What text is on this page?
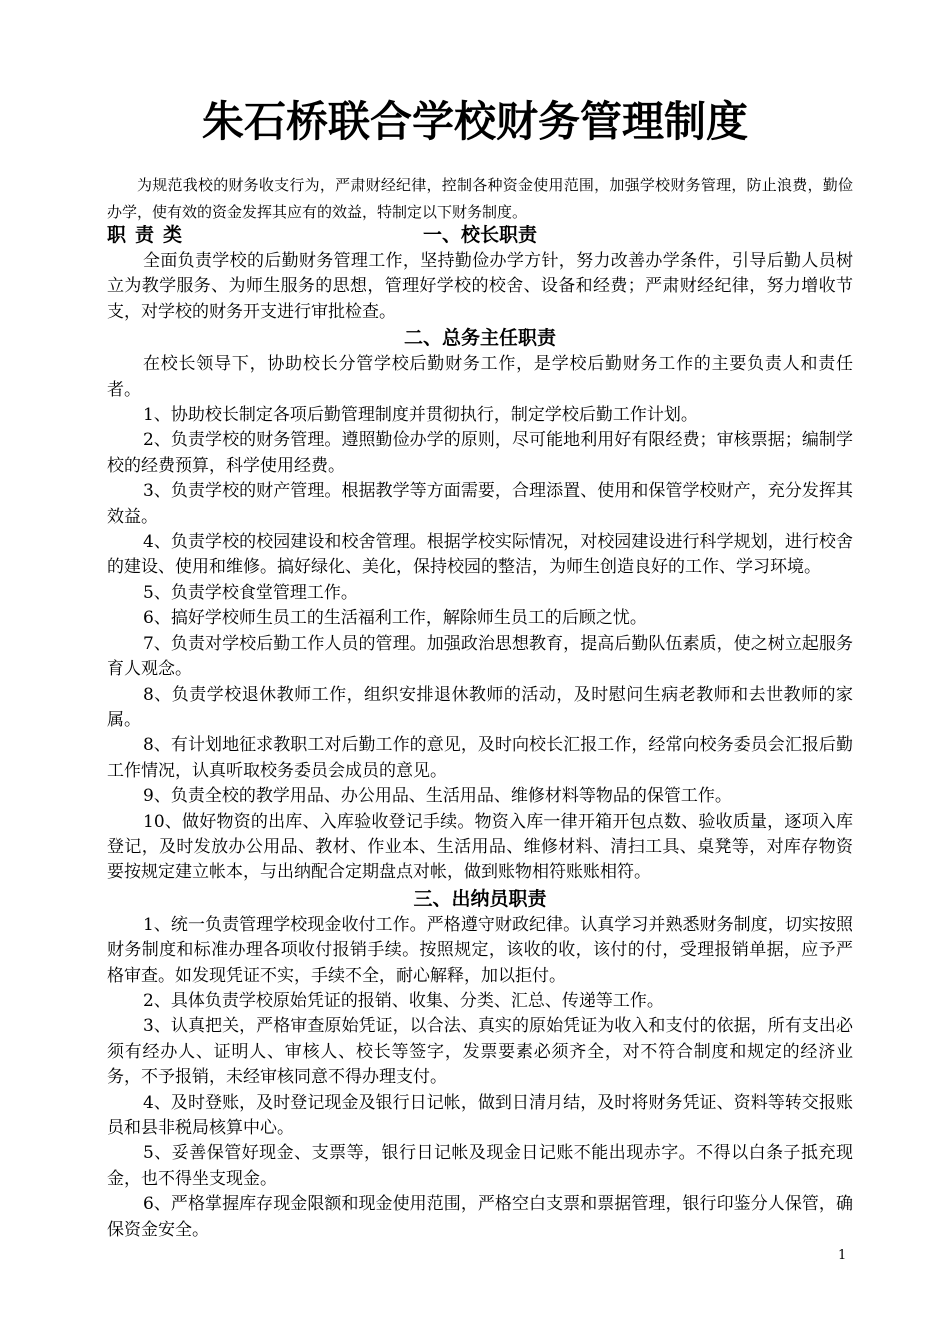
朱石桥联合学校财务管理制度

为规范我校的财务收支行为，严肃财经纪律，控制各种资金使用范围，加强学校财务管理，防止浪费，勤俭办学，使有效的资金发挥其应有的效益，特制定以下财务制度。

一、校长职责
职责类

全面负责学校的后勤财务管理工作，坚持勤俭办学方针，努力改善办学条件，引导后勤人员树立为教学服务、为师生服务的思想，管理好学校的校舍、设备和经费；严肃财经纪律，努力增收节支，对学校的财务开支进行审批检查。

二、总务主任职责

在校长领导下，协助校长分管学校后勤财务工作，是学校后勤财务工作的主要负责人和责任者。

1、协助校长制定各项后勤管理制度并贯彻执行，制定学校后勤工作计划。

2、负责学校的财务管理。遵照勤俭办学的原则，尽可能地利用好有限经费；审核票据；编制学校的经费预算，科学使用经费。

3、负责学校的财产管理。根据教学等方面需要，合理添置、使用和保管学校财产，充分发挥其效益。

4、负责学校的校园建设和校舍管理。根据学校实际情况，对校园建设进行科学规划，进行校舍的建设、使用和维修。搞好绿化、美化，保持校园的整洁，为师生创造良好的工作、学习环境。

5、负责学校食堂管理工作。

6、搞好学校师生员工的生活福利工作，解除师生员工的后顾之忧。

7、负责对学校后勤工作人员的管理。加强政治思想教育，提高后勤队伍素质，使之树立起服务育人观念。

8、负责学校退休教师工作，组织安排退休教师的活动，及时慰问生病老教师和去世教师的家属。

8、有计划地征求教职工对后勤工作的意见，及时向校长汇报工作，经常向校务委员会汇报后勤工作情况，认真听取校务委员会成员的意见。

9、负责全校的教学用品、办公用品、生活用品、维修材料等物品的保管工作。

10、做好物资的出库、入库验收登记手续。物资入库一律开箱开包点数、验收质量，逐项入库登记，及时发放办公用品、教材、作业本、生活用品、维修材料、清扫工具、桌凳等，对库存物资要按规定建立帐本，与出纳配合定期盘点对帐，做到账物相符账账相符。

三、出纳员职责

1、统一负责管理学校现金收付工作。严格遵守财政纪律。认真学习并熟悉财务制度，切实按照财务制度和标准办理各项收付报销手续。按照规定，该收的收，该付的付，受理报销单据，应予严格审查。如发现凭证不实，手续不全，耐心解释，加以拒付。

2、具体负责学校原始凭证的报销、收集、分类、汇总、传递等工作。

3、认真把关，严格审查原始凭证，以合法、真实的原始凭证为收入和支付的依据，所有支出必须有经办人、证明人、审核人、校长等签字，发票要素必须齐全，对不符合制度和规定的经济业务，不予报销，未经审核同意不得办理支付。

4、及时登账，及时登记现金及银行日记帐，做到日清月结，及时将财务凭证、资料等转交报账员和县非税局核算中心。

5、妥善保管好现金、支票等，银行日记帐及现金日记账不能出现赤字。不得以白条子抵充现金，也不得坐支现金。

6、严格掌握库存现金限额和现金使用范围，严格空白支票和票据管理，银行印鉴分人保管，确保资金安全。

1
